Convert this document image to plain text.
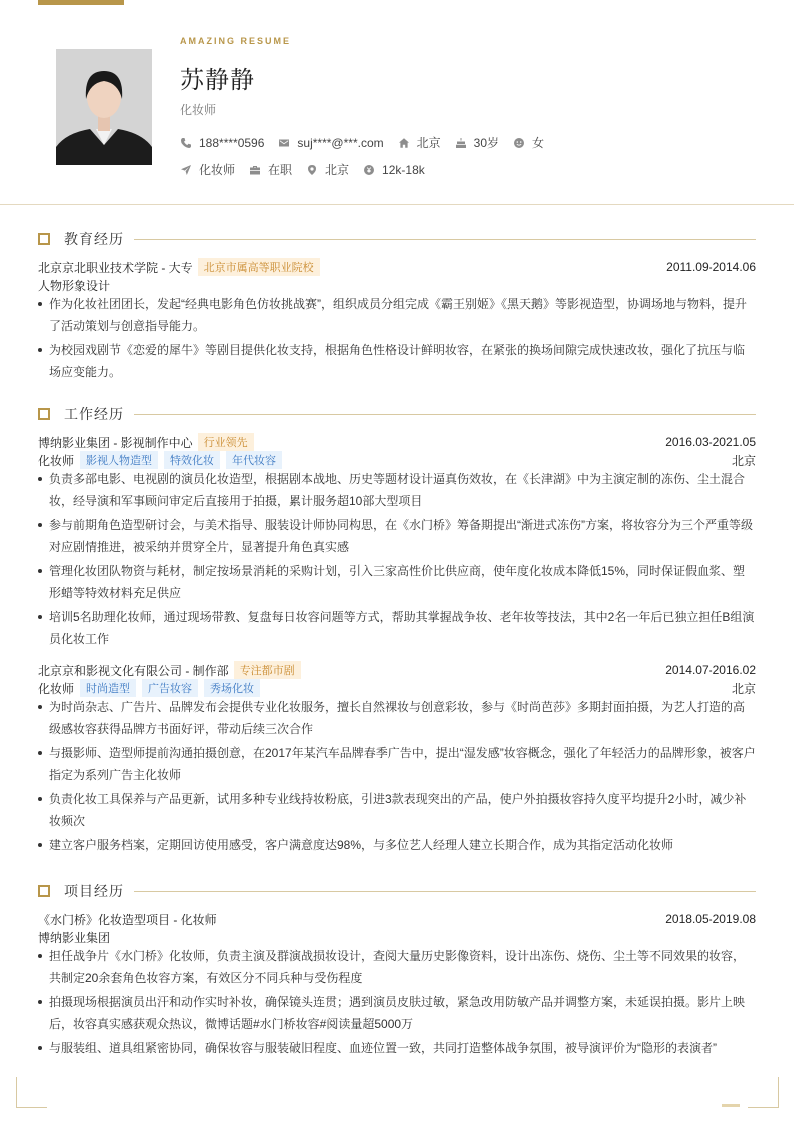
AMAZING RESUME
苏静静
化妆师
188****0596	suj****@***.com	北京	30岁	女
化妆师	在职	北京	12k-18k
教育经历
北京京北职业技术学院 - 大专	北京市属高等职业院校	2011.09-2014.06
人物形象设计
作为化妆社团团长，发起“经典电影角色仿妆挑战赛”，组织成员分组完成《霸王别姬》《黑天鹅》等影视造型，协调场地与物料，提升了活动策划与创意指导能力。
为校园戏剧节《恋爱的犀牛》等剧目提供化妆支持，根据角色性格设计鲜明妆容，在紧张的换场间隙完成快速改妆，强化了抗压与临场应变能力。
工作经历
博纳影业集团 - 影视制作中心	行业领先	2016.03-2021.05
化妆师	影视人物造型	特效化妆	年代妆容	北京
负责多部电影、电视剧的演员化妆造型，根据剧本战地、历史等题材设计逼真伤效妆，在《长津湖》中为主演定制的冻伤、尘土混合妆，经导演和军事顾问审定后直接用于拍摄，累计服务超10部大型项目
参与前期角色造型研讨会，与美术指导、服装设计师协同构思，在《水门桥》筹备期提出“渐进式冻伤”方案，将妆容分为三个严重等级对应剧情推进，被采纳并贯穿全片，显著提升角色真实感
管理化妆团队物资与耗材，制定按场景消耗的采购计划，引入三家高性价比供应商，使年度化妆成本降低15%，同时保证假血浆、塑形蜡等特效材料充足供应
培训5名助理化妆师，通过现场带教、复盘每日妆容问题等方式，帮助其掌握战争妆、老年妆等技法，其中2名一年后已独立担任B组演员化妆工作
北京京和影视文化有限公司 - 制作部	专注都市剧	2014.07-2016.02
化妆师	时尚造型	广告妆容	秀场化妆	北京
为时尚杂志、广告片、品牌发布会提供专业化妆服务，擅长自然裸妆与创意彩妆，参与《时尚芭莎》多期封面拍摄，为艺人打造的高级感妆容获得品牌方书面好评，带动后续三次合作
与摄影师、造型师提前沟通拍摄创意，在2017年某汽车品牌春季广告中，提出“湿发感”妆容概念，强化了年轻活力的品牌形象，被客户指定为系列广告主化妆师
负责化妆工具保养与产品更新，试用多种专业线持妆粉底，引进3款表现突出的产品，使户外拍摄妆容持久度平均提升2小时，减少补妆频次
建立客户服务档案，定期回访使用感受，客户满意度达98%，与多位艺人经理人建立长期合作，成为其指定活动化妆师
项目经历
《水门桥》化妆造型项目 - 化妆师	2018.05-2019.08
博纳影业集团
担任战争片《水门桥》化妆师，负责主演及群演战损妆设计，查阅大量历史影像资料，设计出冻伤、烧伤、尘土等不同效果的妆容，共制定20余套角色妆容方案，有效区分不同兵种与受伤程度
拍摄现场根据演员出汗和动作实时补妆，确保镜头连贯；遇到演员皮肤过敏，紧急改用防敏产品并调整方案，未延误拍摄。影片上映后，妆容真实感获观众热议，微博话题#水门桥妆容#阅读量超5000万
与服装组、道具组紧密协同，确保妆容与服装破旧程度、血迹位置一致，共同打造整体战争氛围，被导演评价为“隐形的表演者”
